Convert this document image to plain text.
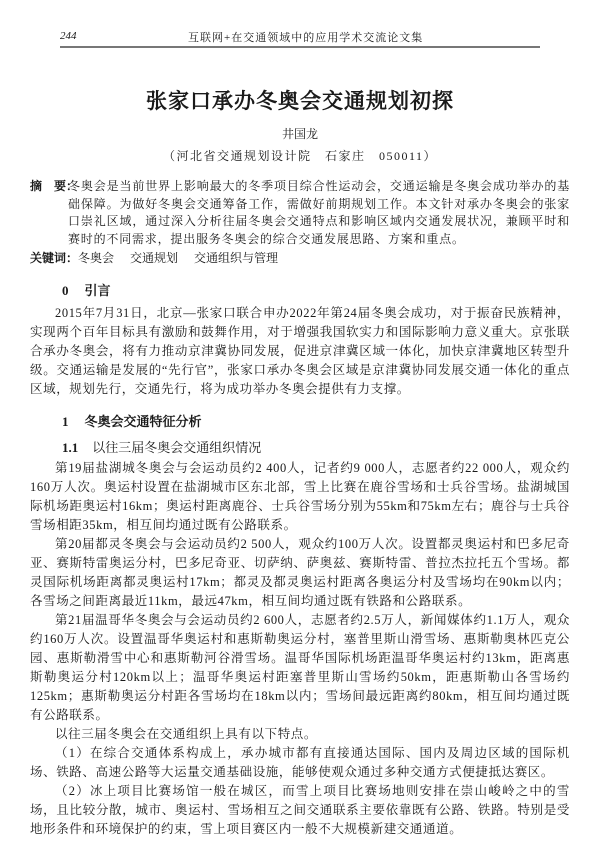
244	互联网+在交通领域中的应用学术交流论文集
张家口承办冬奥会交通规划初探
井国龙
（河北省交通规划设计院　石家庄　050011）
摘　要：
冬奥会是当前世界上影响最大的冬季项目综合性运动会，交通运输是冬奥会成功举办的基础保障。为做好冬奥会交通筹备工作，需做好前期规划工作。本文针对承办冬奥会的张家口崇礼区域，通过深入分析往届冬奥会交通特点和影响区域内交通发展状况，兼顾平时和赛时的不同需求，提出服务冬奥会的综合交通发展思路、方案和重点。
关键词：冬奥会 交通规划 交通组织与管理
0 引言

2015年7月31日，北京—张家口联合申办2022年第24届冬奥会成功，对于振奋民族精神，实现两个百年目标具有激励和鼓舞作用，对于增强我国软实力和国际影响力意义重大。京张联合承办冬奥会，将有力推动京津冀协同发展，促进京津冀区域一体化，加快京津冀地区转型升级。交通运输是发展的“先行官”，张家口承办冬奥会区域是京津冀协同发展交通一体化的重点区域，规划先行，交通先行，将为成功举办冬奥会提供有力支撑。

1 冬奥会交通特征分析
1.1 以往三届冬奥会交通组织情况

第19届盐湖城冬奥会与会运动员约2 400人，记者约9 000人，志愿者约22 000人，观众约160万人次。奥运村设置在盐湖城市区东北部，雪上比赛在鹿谷雪场和士兵谷雪场。盐湖城国际机场距奥运村16km；奥运村距离鹿谷、士兵谷雪场分别为55km和75km左右；鹿谷与士兵谷雪场相距35km，相互间均通过既有公路联系。

第20届都灵冬奥会与会运动员约2 500人，观众约100万人次。设置都灵奥运村和巴多尼奇亚、赛斯特雷奥运分村，巴多尼奇亚、切萨纳、萨奥兹、赛斯特雷、普拉杰拉托五个雪场。都灵国际机场距离都灵奥运村17km；都灵及都灵奥运村距离各奥运分村及雪场均在90km以内；各雪场之间距离最近11km，最远47km，相互间均通过既有铁路和公路联系。

第21届温哥华冬奥会与会运动员约2 600人，志愿者约2.5万人，新闻媒体约1.1万人，观众约160万人次。设置温哥华奥运村和惠斯勒奥运分村，塞普里斯山滑雪场、惠斯勒奥林匹克公园、惠斯勒滑雪中心和惠斯勒河谷滑雪场。温哥华国际机场距温哥华奥运村约13km，距离惠斯勒奥运分村120km以上；温哥华奥运村距塞普里斯山雪场约50km，距惠斯勒山各雪场约125km；惠斯勒奥运分村距各雪场均在18km以内；雪场间最远距离约80km，相互间均通过既有公路联系。

以往三届冬奥会在交通组织上具有以下特点。

（1）在综合交通体系构成上，承办城市都有直接通达国际、国内及周边区域的国际机场、铁路、高速公路等大运量交通基础设施，能够使观众通过多种交通方式便捷抵达赛区。

（2）冰上项目比赛场馆一般在城区，而雪上项目比赛场地则安排在崇山峻岭之中的雪场，且比较分散，城市、奥运村、雪场相互之间交通联系主要依靠既有公路、铁路。特别是受地形条件和环境保护的约束，雪上项目赛区内一般不大规模新建交通通道。
